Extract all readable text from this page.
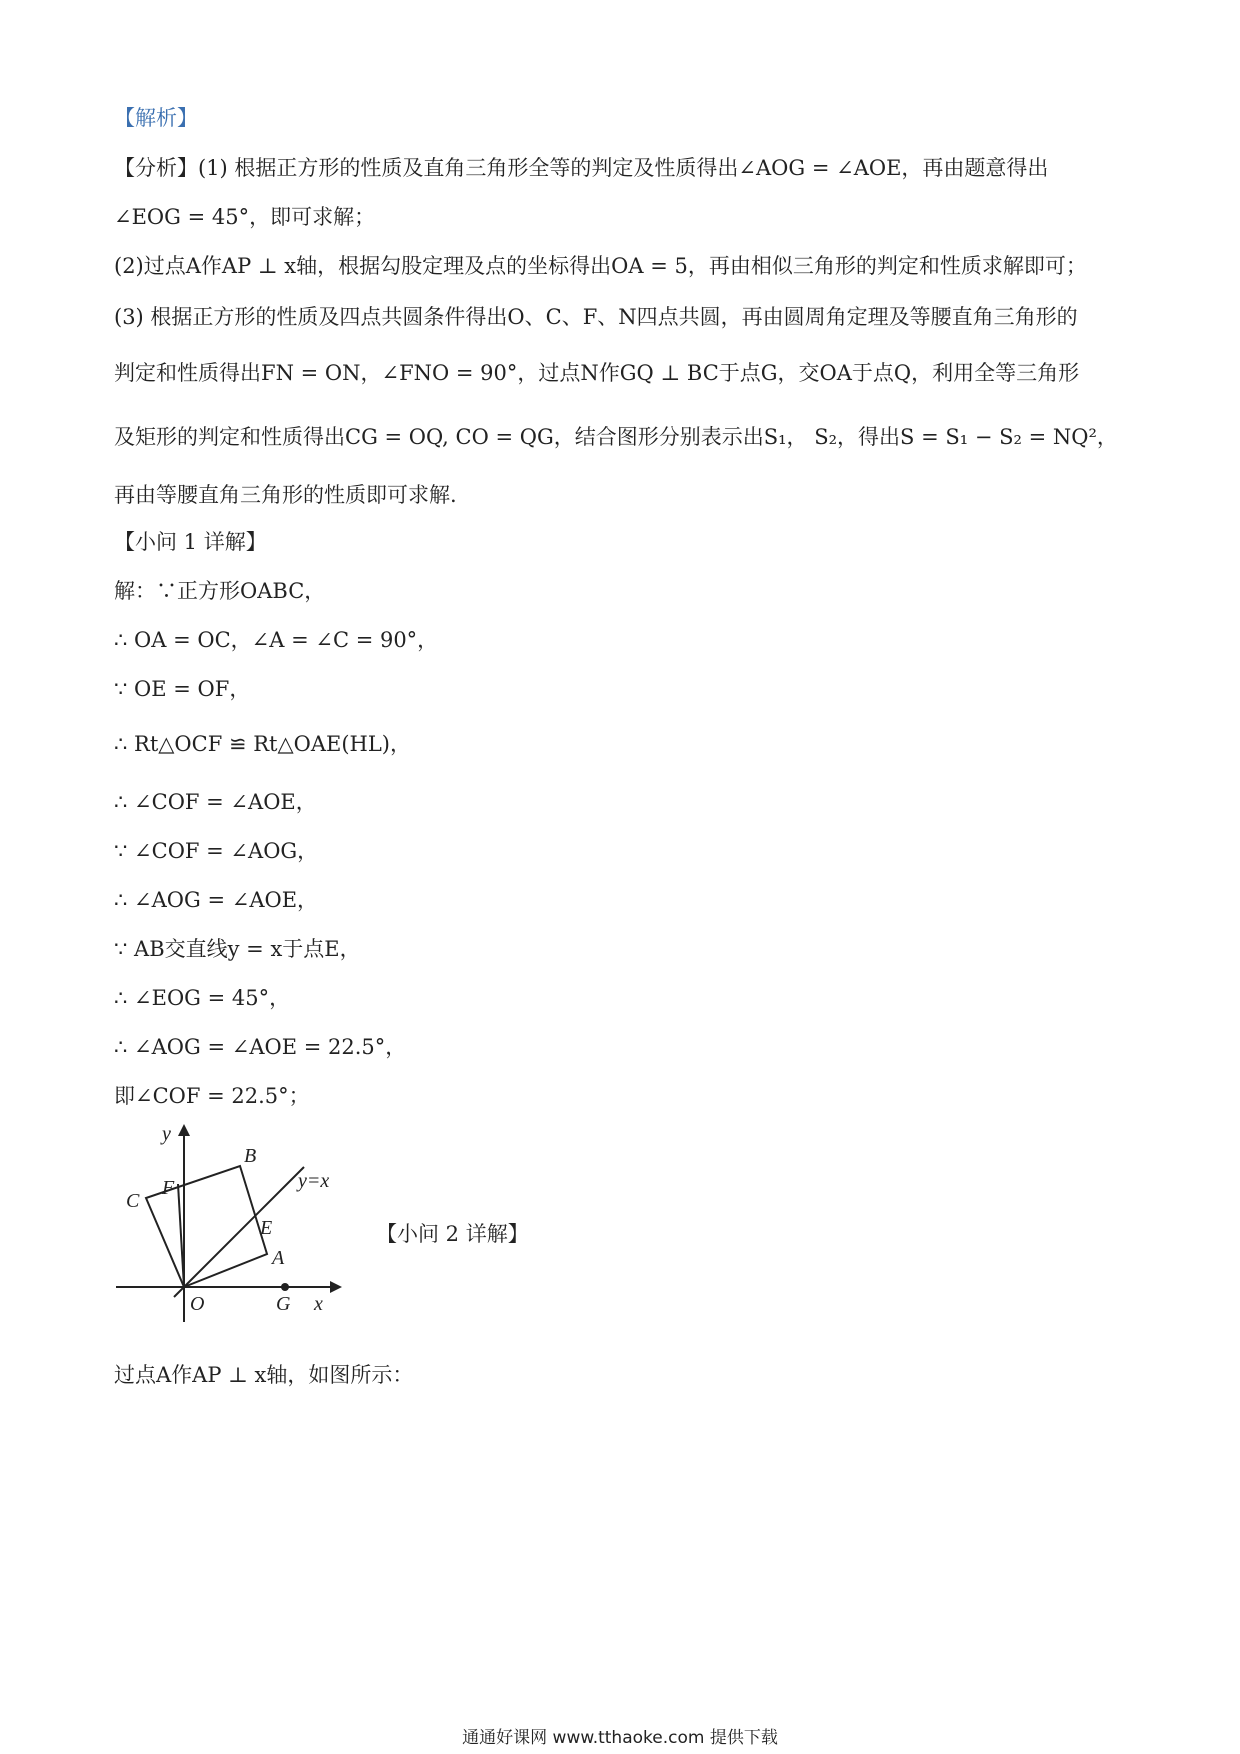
【解析】
【分析】(1) 根据正方形的性质及直角三角形全等的判定及性质得出∠AOG = ∠AOE，再由题意得出
∠EOG = 45°，即可求解；
(2)过点A作AP ⊥ x轴，根据勾股定理及点的坐标得出OA = 5，再由相似三角形的判定和性质求解即可；
(3) 根据正方形的性质及四点共圆条件得出O、C、F、N四点共圆，再由圆周角定理及等腰直角三角形的
判定和性质得出FN = ON，∠FNO = 90°，过点N作GQ ⊥ BC于点G，交OA于点Q，利用全等三角形
及矩形的判定和性质得出CG = OQ, CO = QG，结合图形分别表示出S₁， S₂，得出S = S₁ − S₂ = NQ²，
再由等腰直角三角形的性质即可求解.
【小问 1 详解】
解：∵正方形OABC，
∴ OA = OC，∠A = ∠C = 90°，
∵ OE = OF，
∴ Rt△OCF ≌ Rt△OAE(HL)，
∴ ∠COF = ∠AOE，
∵ ∠COF = ∠AOG，
∴ ∠AOG = ∠AOE，
∵ AB交直线y = x于点E，
∴ ∠EOG = 45°，
∴ ∠AOG = ∠AOE = 22.5°，
即∠COF = 22.5°；
y
F
B
C
y=x
E
A
O	G x
【小问 2 详解】
过点A作AP ⊥ x轴，如图所示：
通通好课网 www.tthaoke.com 提供下载
